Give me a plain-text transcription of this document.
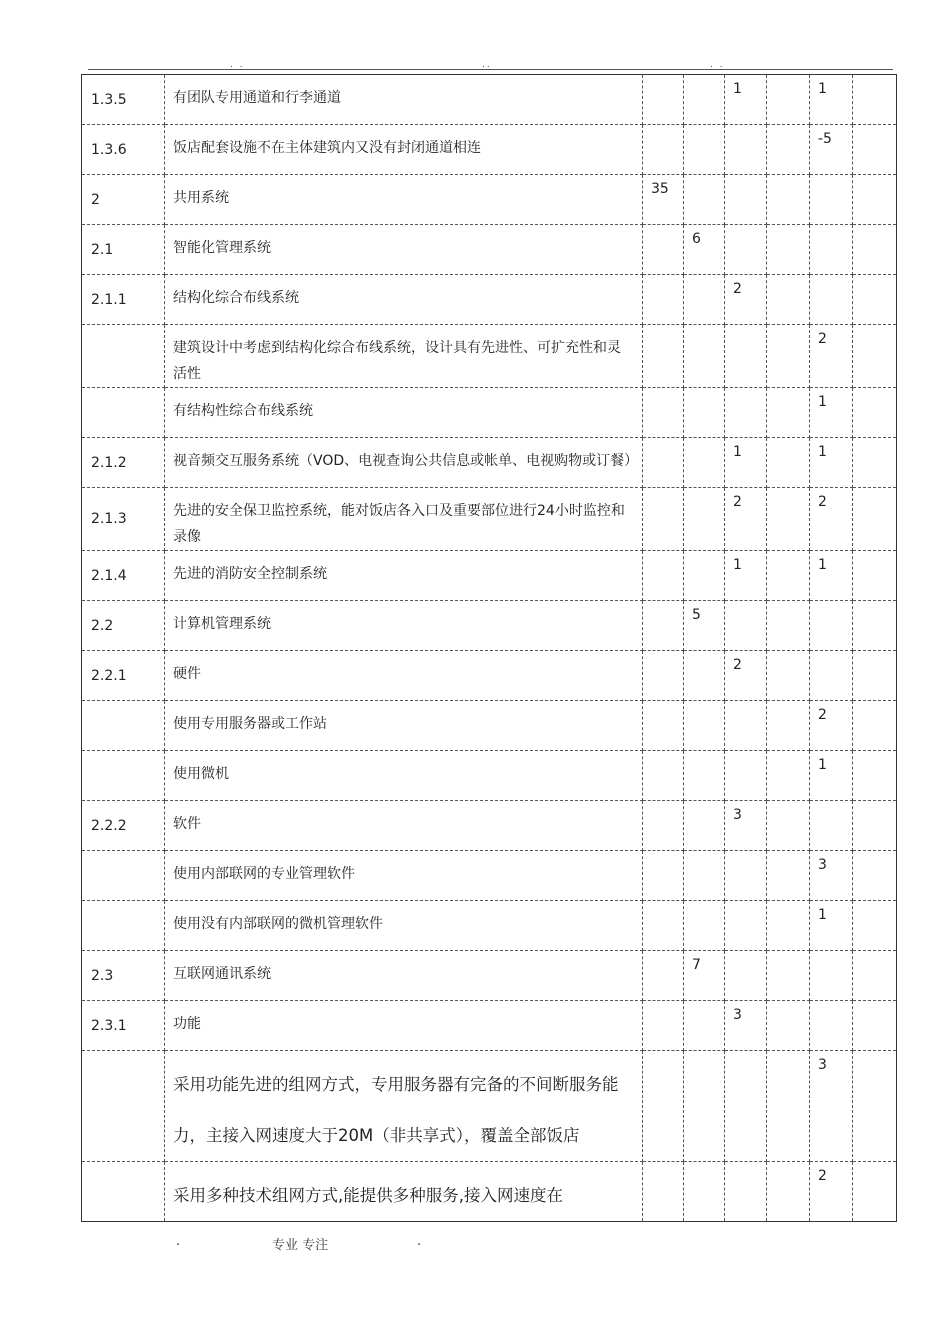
. .	..	. .
1.3.5	有团队专用通道和行李通道			1		1	
1.3.6	饭店配套设施不在主体建筑内又没有封闭通道相连					-5	
2	共用系统	35					
2.1	智能化管理系统		6				
2.1.1	结构化综合布线系统			2			
	建筑设计中考虑到结构化综合布线系统，设计具有先进性、可扩充性和灵活性					2	
	有结构性综合布线系统					1	
2.1.2	视音频交互服务系统（VOD、电视查询公共信息或帐单、电视购物或订餐）			1		1	
2.1.3	先进的安全保卫监控系统，能对饭店各入口及重要部位进行24小时监控和录像			2		2	
2.1.4	先进的消防安全控制系统			1		1	
2.2	计算机管理系统		5				
2.2.1	硬件			2			
	使用专用服务器或工作站					2	
	使用微机					1	
2.2.2	软件			3			
	使用内部联网的专业管理软件					3	
	使用没有内部联网的微机管理软件					1	
2.3	互联网通讯系统		7				
2.3.1	功能			3			
	采用功能先进的组网方式，专用服务器有完备的不间断服务能力，主接入网速度大于20M（非共享式），覆盖全部饭店					3	
	采用多种技术组网方式,能提供多种服务,接入网速度在					2	
.	专业 专注	.
